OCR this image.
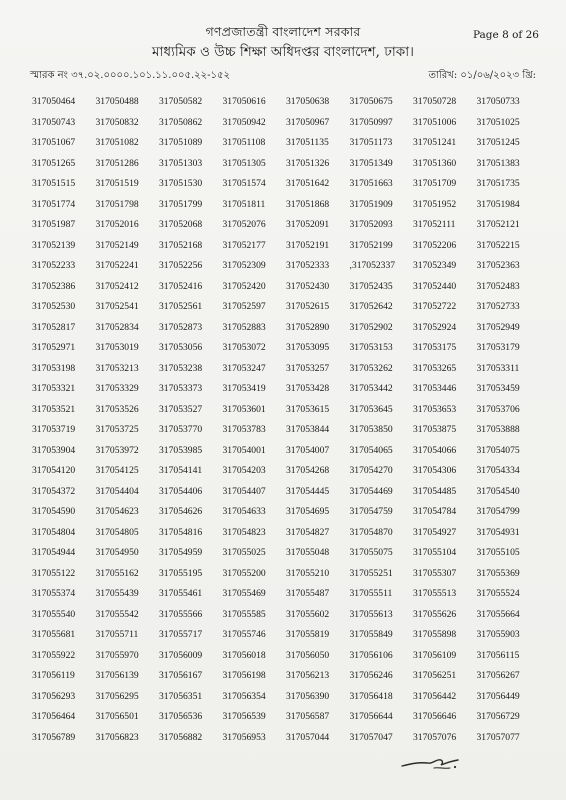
গণপ্রজাতন্ত্রী বাংলাদেশ সরকার
মাধ্যমিক ও উচ্চ শিক্ষা অধিদপ্তর বাংলাদেশ, ঢাকা।
Page 8 of 26
স্মারক নং ৩৭.০২.০০০০.১০১.১১.০০৫.২২-১৫২	তারিখ: ০১/০৬/২০২৩ খ্রি:
317050464	317050488	317050582	317050616	317050638	317050675	317050728	317050733
317050743	317050832	317050862	317050942	317050967	317050997	317051006	317051025
317051067	317051082	317051089	317051108	317051135	317051173	317051241	317051245
317051265	317051286	317051303	317051305	317051326	317051349	317051360	317051383
317051515	317051519	317051530	317051574	317051642	317051663	317051709	317051735
317051774	317051798	317051799	317051811	317051868	317051909	317051952	317051984
317051987	317052016	317052068	317052076	317052091	317052093	317052111	317052121
317052139	317052149	317052168	317052177	317052191	317052199	317052206	317052215
317052233	317052241	317052256	317052309	317052333	,317052337	317052349	317052363
317052386	317052412	317052416	317052420	317052430	317052435	317052440	317052483
317052530	317052541	317052561	317052597	317052615	317052642	317052722	317052733
317052817	317052834	317052873	317052883	317052890	317052902	317052924	317052949
317052971	317053019	317053056	317053072	317053095	317053153	317053175	317053179
317053198	317053213	317053238	317053247	317053257	317053262	317053265	317053311
317053321	317053329	317053373	317053419	317053428	317053442	317053446	317053459
317053521	317053526	317053527	317053601	317053615	317053645	317053653	317053706
317053719	317053725	317053770	317053783	317053844	317053850	317053875	317053888
317053904	317053972	317053985	317054001	317054007	317054065	317054066	317054075
317054120	317054125	317054141	317054203	317054268	317054270	317054306	317054334
317054372	317054404	317054406	317054407	317054445	317054469	317054485	317054540
317054590	317054623	317054626	317054633	317054695	317054759	317054784	317054799
317054804	317054805	317054816	317054823	317054827	317054870	317054927	317054931
317054944	317054950	317054959	317055025	317055048	317055075	317055104	317055105
317055122	317055162	317055195	317055200	317055210	317055251	317055307	317055369
317055374	317055439	317055461	317055469	317055487	317055511	317055513	317055524
317055540	317055542	317055566	317055585	317055602	317055613	317055626	317055664
317055681	317055711	317055717	317055746	317055819	317055849	317055898	317055903
317055922	317055970	317056009	317056018	317056050	317056106	317056109	317056115
317056119	317056139	317056167	317056198	317056213	317056246	317056251	317056267
317056293	317056295	317056351	317056354	317056390	317056418	317056442	317056449
317056464	317056501	317056536	317056539	317056587	317056644	317056646	317056729
317056789	317056823	317056882	317056953	317057044	317057047	317057076	317057077
